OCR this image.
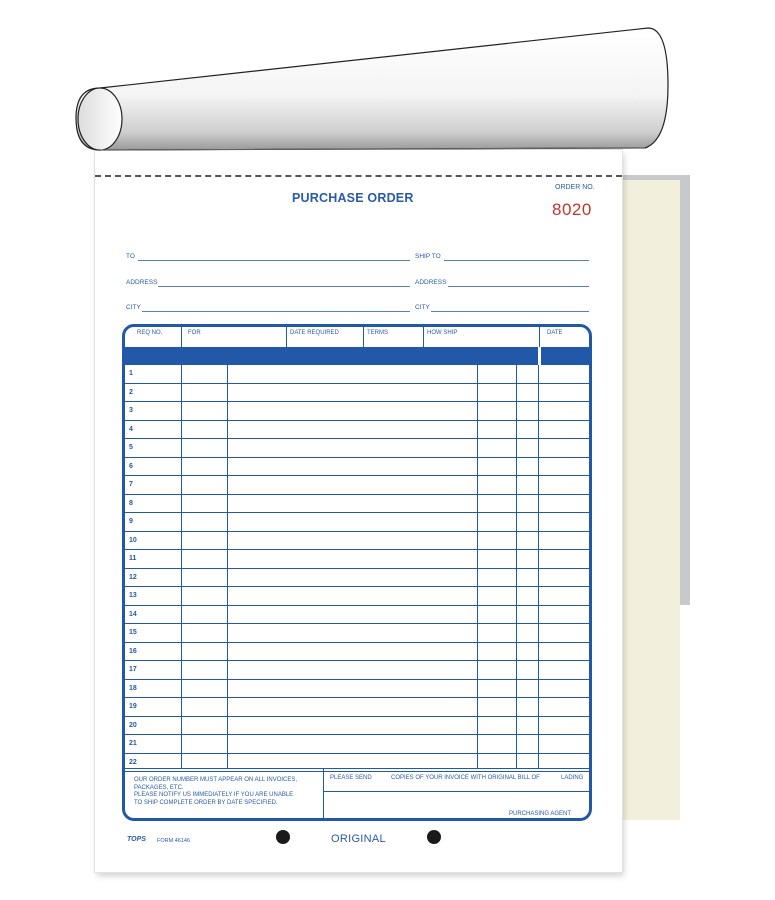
PURCHASE ORDER
ORDER NO.
8020
TO	SHIP TO
ADDRESS	ADDRESS
CITY	CITY
REQ NO.	FOR	DATE REQUIRED	TERMS	HOW SHIP	DATE
1
2
3
4
5
6
7
8
9
10
11
12
13
14
15
16
17
18
19
20
21
22
OUR ORDER NUMBER MUST APPEAR ON ALL INVOICES,
PACKAGES, ETC.
PLEASE NOTIFY US IMMEDIATELY IF YOU ARE UNABLE
TO SHIP COMPLETE ORDER BY DATE SPECIFIED.
PLEASE SEND	COPIES OF YOUR INVOICE WITH ORIGINAL BILL OF	LADING
PURCHASING AGENT
TOPS FORM 46146	ORIGINAL
